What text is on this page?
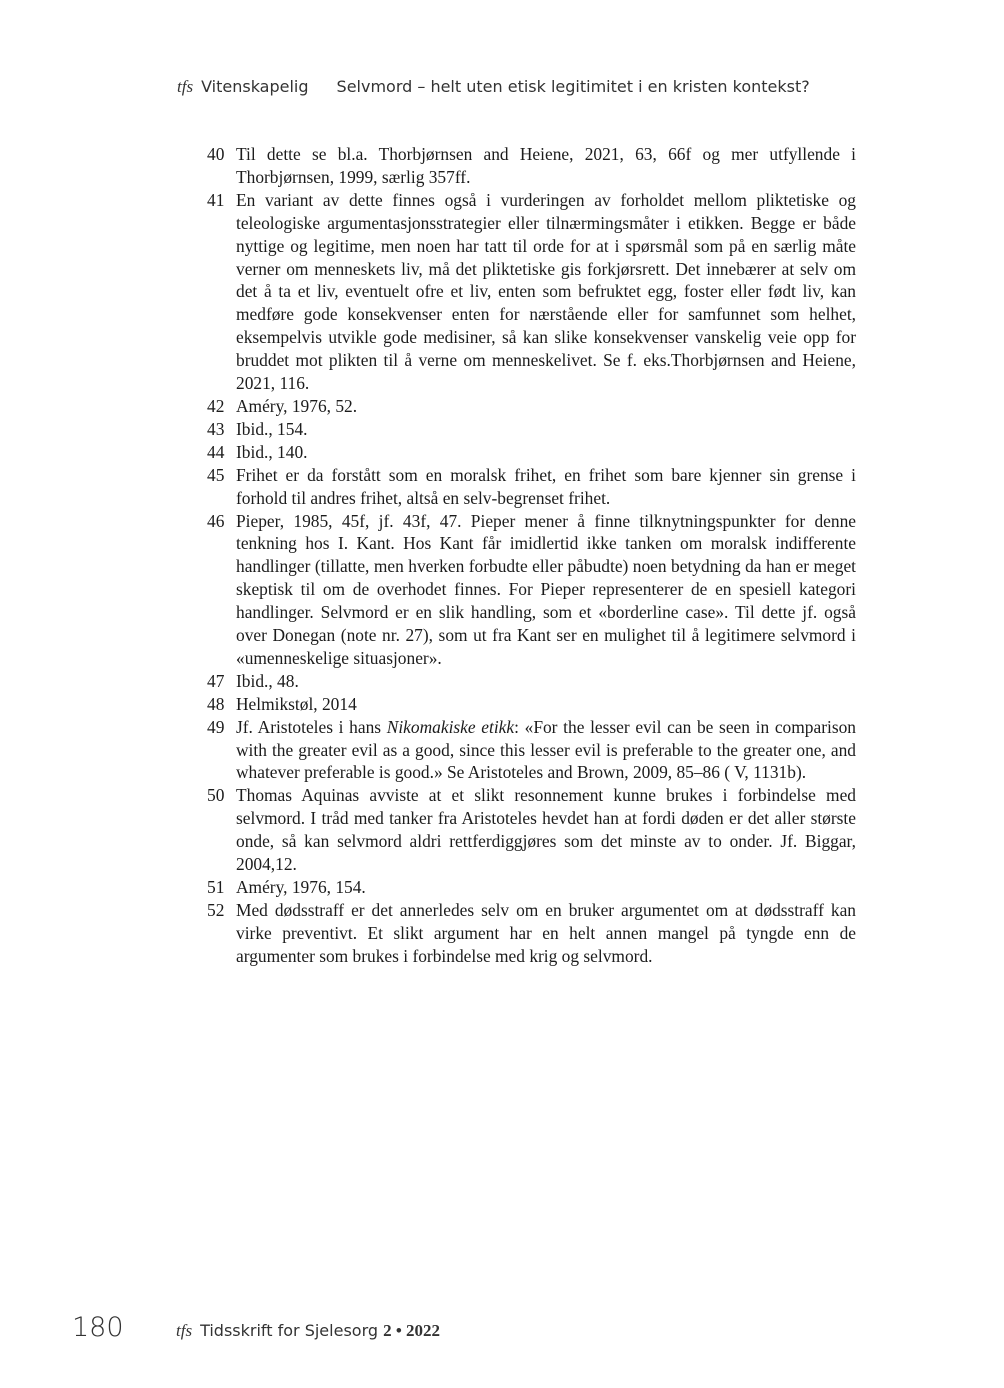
tfs Vitenskapelig Selvmord – helt uten etisk legitimitet i en kristen kontekst?
40 Til dette se bl.a. Thorbjørnsen and Heiene, 2021, 63, 66f og mer utfyllende i Thorbjørnsen, 1999, særlig 357ff.
41 En variant av dette finnes også i vurderingen av forholdet mellom pliktetiske og teleologiske argumentasjonsstrategier eller tilnærmingsmåter i etikken. Begge er både nyttige og legitime, men noen har tatt til orde for at i spørsmål som på en særlig måte verner om menneskets liv, må det pliktetiske gis forkjørsrett. Det innebærer at selv om det å ta et liv, eventuelt ofre et liv, enten som befruktet egg, foster eller født liv, kan medføre gode konsekvenser enten for nærstående eller for samfunnet som helhet, eksempelvis utvikle gode medisiner, så kan slike konsekvenser vanskelig veie opp for bruddet mot plikten til å verne om menneskelivet. Se f. eks.Thorbjørnsen and Heiene, 2021, 116.
42 Améry, 1976, 52.
43 Ibid., 154.
44 Ibid., 140.
45 Frihet er da forstått som en moralsk frihet, en frihet som bare kjenner sin grense i forhold til andres frihet, altså en selv-begrenset frihet.
46 Pieper, 1985, 45f, jf. 43f, 47. Pieper mener å finne tilknytningspunkter for denne tenkning hos I. Kant. Hos Kant får imidlertid ikke tanken om moralsk indifferente handlinger (tillatte, men hverken forbudte eller påbudte) noen betydning da han er meget skeptisk til om de overhodet finnes. For Pieper representerer de en spesiell kategori handlinger. Selvmord er en slik handling, som et «borderline case». Til dette jf. også over Donegan (note nr. 27), som ut fra Kant ser en mulighet til å legitimere selvmord i «umenneskelige situasjoner».
47 Ibid., 48.
48 Helmikstøl, 2014
49 Jf. Aristoteles i hans Nikomakiske etikk: «For the lesser evil can be seen in comparison with the greater evil as a good, since this lesser evil is preferable to the greater one, and whatever preferable is good.» Se Aristoteles and Brown, 2009, 85–86 ( V, 1131b).
50 Thomas Aquinas avviste at et slikt resonnement kunne brukes i forbindelse med selvmord. I tråd med tanker fra Aristoteles hevdet han at fordi døden er det aller største onde, så kan selvmord aldri rettferdiggjøres som det minste av to onder. Jf. Biggar, 2004,12.
51 Améry, 1976, 154.
52 Med dødsstraff er det annerledes selv om en bruker argumentet om at dødsstraff kan virke preventivt. Et slikt argument har en helt annen mangel på tyngde enn de argumenter som brukes i forbindelse med krig og selvmord.
180	tfs Tidsskrift for Sjelesorg 2 • 2022
